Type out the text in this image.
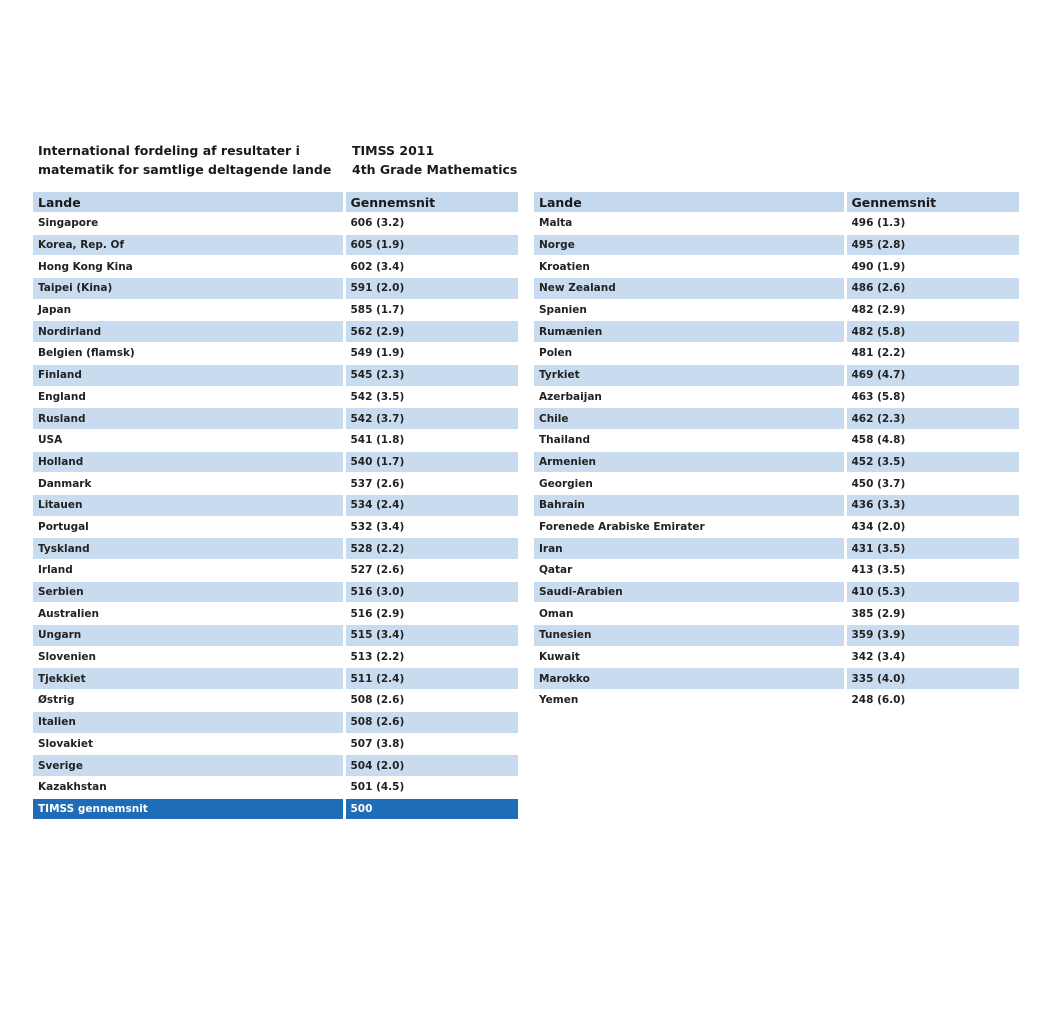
International fordeling af resultater i
matematik for samtlige deltagende lande
TIMSS 2011
4th Grade Mathematics
Lande	Gennemsnit
Singapore	606 (3.2)
Korea, Rep. Of	605 (1.9)
Hong Kong Kina	602 (3.4)
Taipei (Kina)	591 (2.0)
Japan	585 (1.7)
Nordirland	562 (2.9)
Belgien (flamsk)	549 (1.9)
Finland	545 (2.3)
England	542 (3.5)
Rusland	542 (3.7)
USA	541 (1.8)
Holland	540 (1.7)
Danmark	537 (2.6)
Litauen	534 (2.4)
Portugal	532 (3.4)
Tyskland	528 (2.2)
Irland	527 (2.6)
Serbien	516 (3.0)
Australien	516 (2.9)
Ungarn	515 (3.4)
Slovenien	513 (2.2)
Tjekkiet	511 (2.4)
Østrig	508 (2.6)
Italien	508 (2.6)
Slovakiet	507 (3.8)
Sverige	504 (2.0)
Kazakhstan	501 (4.5)
TIMSS gennemsnit	500
Lande	Gennemsnit
Malta	496 (1.3)
Norge	495 (2.8)
Kroatien	490 (1.9)
New Zealand	486 (2.6)
Spanien	482 (2.9)
Rumænien	482 (5.8)
Polen	481 (2.2)
Tyrkiet	469 (4.7)
Azerbaijan	463 (5.8)
Chile	462 (2.3)
Thailand	458 (4.8)
Armenien	452 (3.5)
Georgien	450 (3.7)
Bahrain	436 (3.3)
Forenede Arabiske Emirater	434 (2.0)
Iran	431 (3.5)
Qatar	413 (3.5)
Saudi-Arabien	410 (5.3)
Oman	385 (2.9)
Tunesien	359 (3.9)
Kuwait	342 (3.4)
Marokko	335 (4.0)
Yemen	248 (6.0)
